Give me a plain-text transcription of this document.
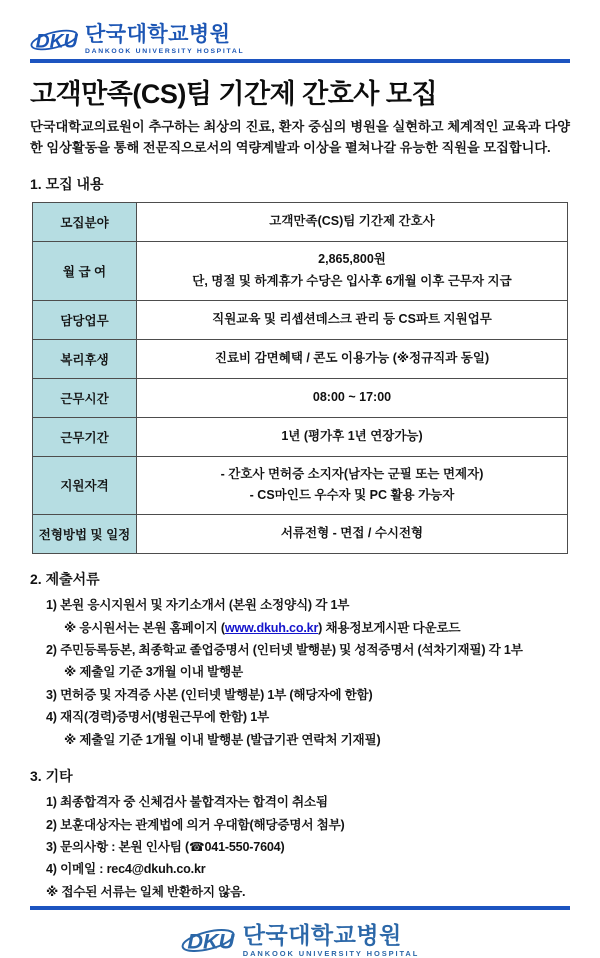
DKU 단국대학교병원
DANKOOK UNIVERSITY HOSPITAL
고객만족(CS)팀 기간제 간호사 모집

단국대학교의료원이 추구하는 최상의 진료, 환자 중심의 병원을 실현하고 체계적인 교육과 다양한 임상활동을 통해 전문직으로서의 역량계발과 이상을 펼쳐나갈 유능한 직원을 모집합니다.

1. 모집 내용
모집분야	고객만족(CS)팀 기간제 간호사

월 급 여	2,865,800원
단, 명절 및 하계휴가 수당은 입사후 6개월 이후 근무자 지급

담당업무	직원교육 및 리셉션데스크 관리 등 CS파트 지원업무

복리후생	진료비 감면혜택 / 콘도 이용가능 (※정규직과 동일)

근무시간	08:00 ~ 17:00

근무기간	1년 (평가후 1년 연장가능)

지원자격	- 간호사 면허증 소지자(남자는 군필 또는 면제자)
- CS마인드 우수자 및 PC 활용 가능자

전형방법 및 일정	서류전형 - 면접 / 수시전형
2. 제출서류
1) 본원 응시지원서 및 자기소개서 (본원 소정양식) 각 1부
※ 응시원서는 본원 홈페이지 (www.dkuh.co.kr) 채용정보게시판 다운로드
2) 주민등록등본, 최종학교 졸업증명서 (인터넷 발행분) 및 성적증명서 (석차기재필) 각 1부
※ 제출일 기준 3개월 이내 발행분
3) 면허증 및 자격증 사본 (인터넷 발행분) 1부 (해당자에 한함)
4) 재직(경력)증명서(병원근무에 한함) 1부
※ 제출일 기준 1개월 이내 발행분 (발급기관 연락처 기재필)
3. 기타
1) 최종합격자 중 신체검사 불합격자는 합격이 취소됨
2) 보훈대상자는 관계법에 의거 우대함(해당증명서 첨부)
3) 문의사항 : 본원 인사팀 (☎041-550-7604)
4) 이메일 : rec4@dkuh.co.kr
※ 접수된 서류는 일체 반환하지 않음.
DKU 단국대학교병원
DANKOOK UNIVERSITY HOSPITAL
